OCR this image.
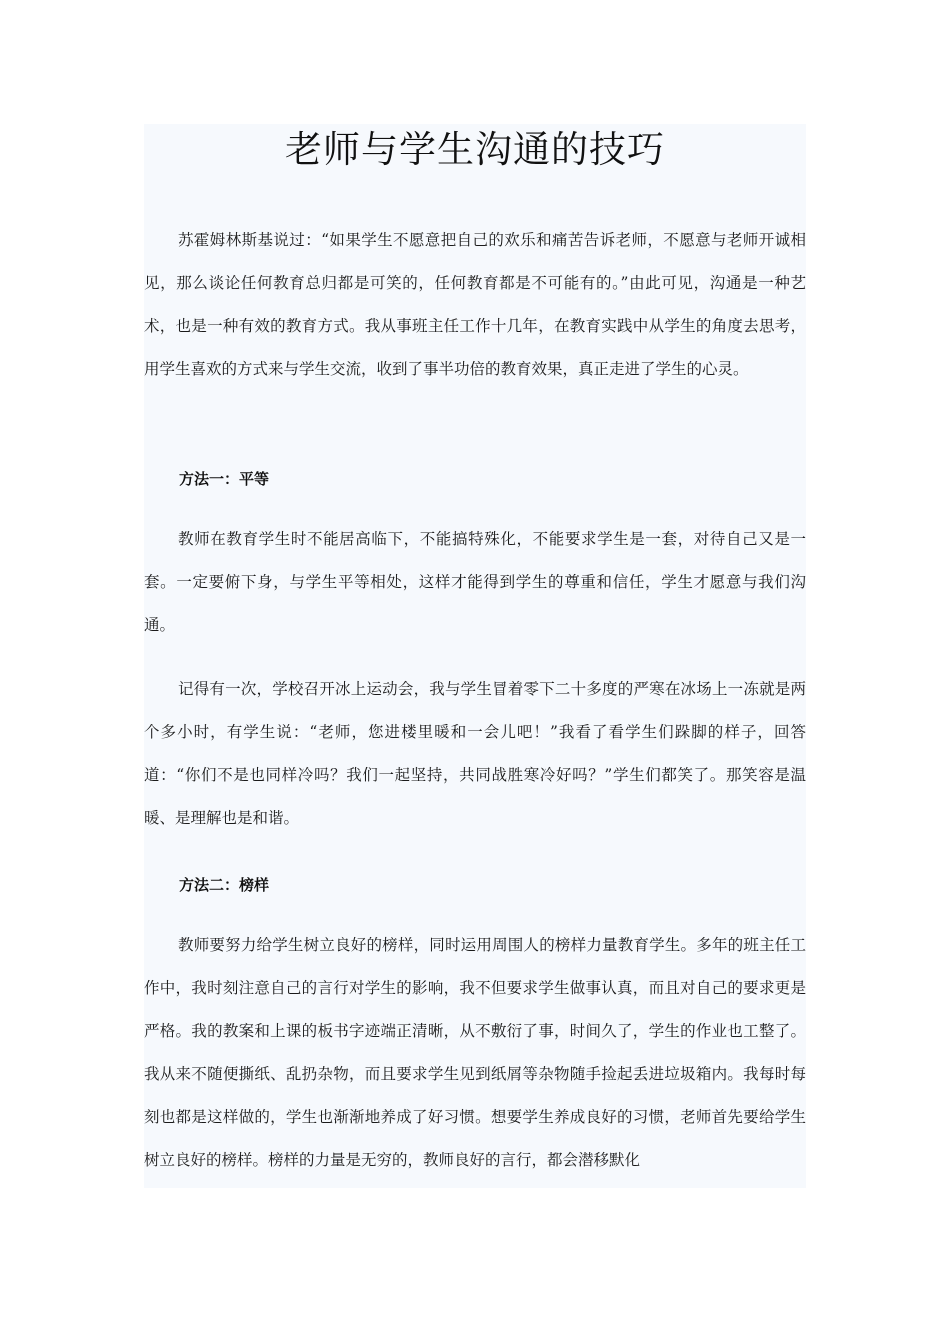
老师与学生沟通的技巧

苏霍姆林斯基说过：“如果学生不愿意把自己的欢乐和痛苦告诉老师，不愿意与老师开诚相见，那么谈论任何教育总归都是可笑的，任何教育都是不可能有的。”由此可见，沟通是一种艺术，也是一种有效的教育方式。我从事班主任工作十几年，在教育实践中从学生的角度去思考，用学生喜欢的方式来与学生交流，收到了事半功倍的教育效果，真正走进了学生的心灵。

方法一：平等

教师在教育学生时不能居高临下，不能搞特殊化，不能要求学生是一套，对待自己又是一套。一定要俯下身，与学生平等相处，这样才能得到学生的尊重和信任，学生才愿意与我们沟通。

记得有一次，学校召开冰上运动会，我与学生冒着零下二十多度的严寒在冰场上一冻就是两个多小时，有学生说：“老师，您进楼里暖和一会儿吧！”我看了看学生们跺脚的样子，回答道：“你们不是也同样冷吗？我们一起坚持，共同战胜寒冷好吗？”学生们都笑了。那笑容是温暖、是理解也是和谐。

方法二：榜样

教师要努力给学生树立良好的榜样，同时运用周围人的榜样力量教育学生。多年的班主任工作中，我时刻注意自己的言行对学生的影响，我不但要求学生做事认真，而且对自己的要求更是严格。我的教案和上课的板书字迹端正清晰，从不敷衍了事，时间久了，学生的作业也工整了。我从来不随便撕纸、乱扔杂物，而且要求学生见到纸屑等杂物随手捡起丢进垃圾箱内。我每时每刻也都是这样做的，学生也渐渐地养成了好习惯。想要学生养成良好的习惯，老师首先要给学生树立良好的榜样。榜样的力量是无穷的，教师良好的言行，都会潜移默化
